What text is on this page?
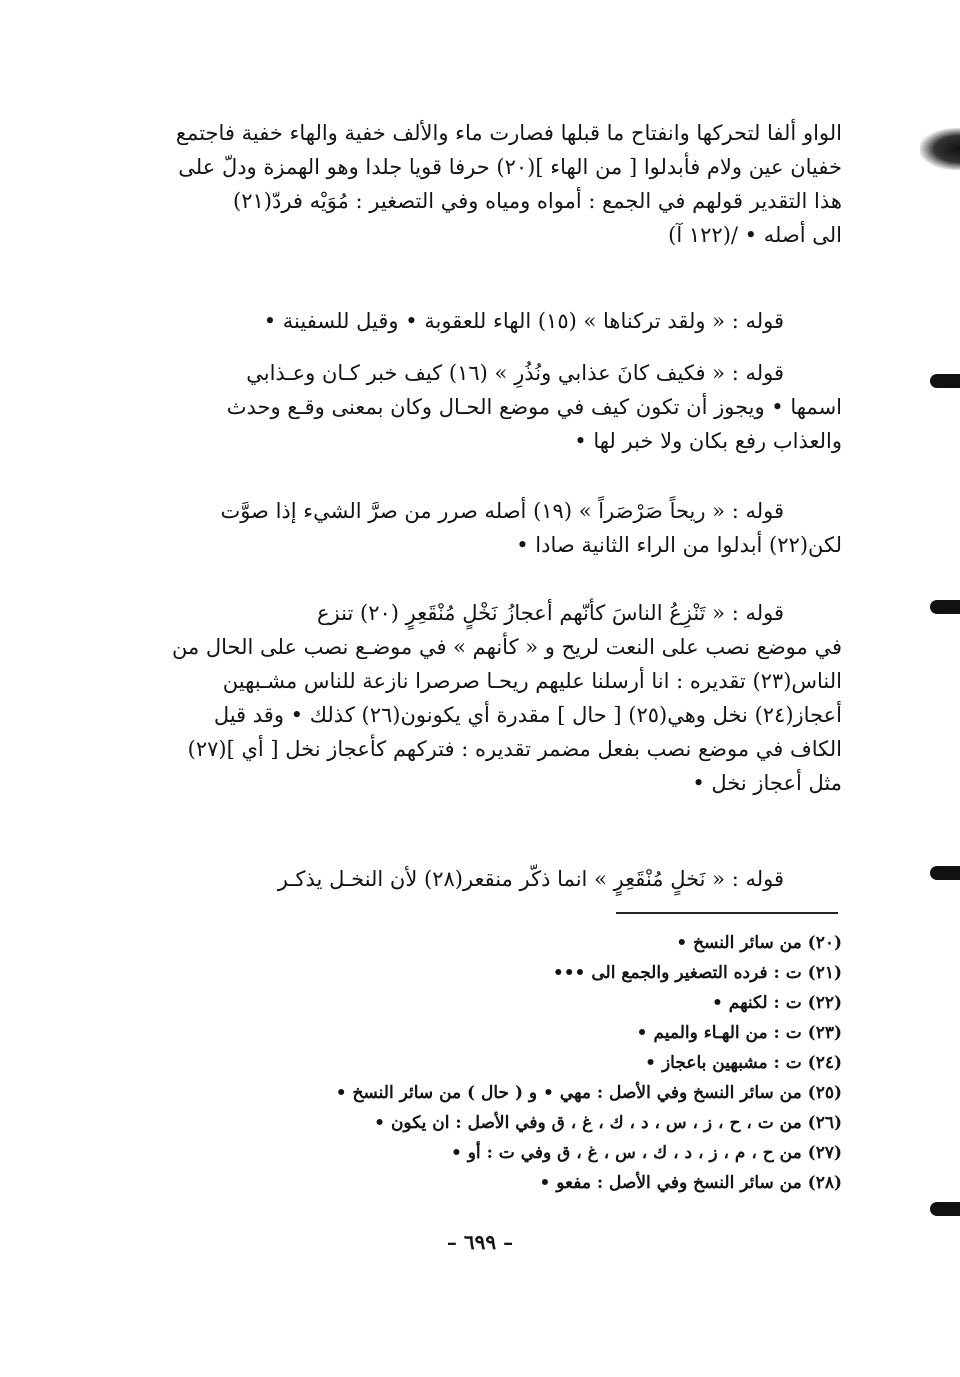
الواو ألفا لتحركها وانفتاح ما قبلها فصارت ماء والألف خفية والهاء خفية فاجتمع
خفيان عين ولام فأبدلوا [ من الهاء ](٢٠) حرفا قويا جلدا وهو الهمزة ودلّ على
هذا التقدير قولهم في الجمع : أمواه ومياه وفي التصغير : مُوَيْه فردّ(٢١)
الى أصله • /(١٢٢ آ)
قوله : « ولقد تركناها » (١٥) الهاء للعقوبة • وقيل للسفينة •
قوله : « فكيف كانَ عذابي ونُذُرِ » (١٦) كيف خبر كـان وعـذابي
اسمها • ويجوز أن تكون كيف في موضع الحـال وكان بمعنى وقـع وحدث
والعذاب رفع بكان ولا خبر لها •
قوله : « ريحاً صَرْصَراً » (١٩) أصله صرر من صرَّ الشيء إذا صوَّت
لكن(٢٢) أبدلوا من الراء الثانية صادا •
قوله : « تَنْزِعُ الناسَ كأنّهم أعجازُ نَخْلٍ مُنْقَعِرٍ (٢٠) تنزع
في موضع نصب على النعت لريح و « كأنهم » في موضـع نصب على الحال من
الناس(٢٣) تقديره : انا أرسلنا عليهم ريحـا صرصرا نازعة للناس مشـبهين
أعجاز(٢٤) نخل وهي(٢٥) [ حال ] مقدرة أي يكونون(٢٦) كذلك • وقد قيل
الكاف في موضع نصب بفعل مضمر تقديره : فتركهم كأعجاز نخل [ أي ](٢٧)
مثل أعجاز نخل •
قوله : « نَخلٍ مُنْقَعِرٍ » انما ذكّر منقعر(٢٨) لأن النخـل يذكـر
(٢٠) من سائر النسخ •
(٢١) ت : فرده التصغير والجمع الى •••
(٢٢) ت : لكنهم •
(٢٣) ت : من الهـاء والميم •
(٢٤) ت : مشبهين باعجاز •
(٢٥) من سائر النسخ وفي الأصل : مهي • و ( حال ) من سائر النسخ •
(٢٦) من ت ، ح ، ز ، س ، د ، ك ، غ ، ق وفي الأصل : ان يكون •
(٢٧) من ح ، م ، ز ، د ، ك ، س ، غ ، ق وفي ت : أو •
(٢٨) من سائر النسخ وفي الأصل : مفعو •
– ٦٩٩ –
